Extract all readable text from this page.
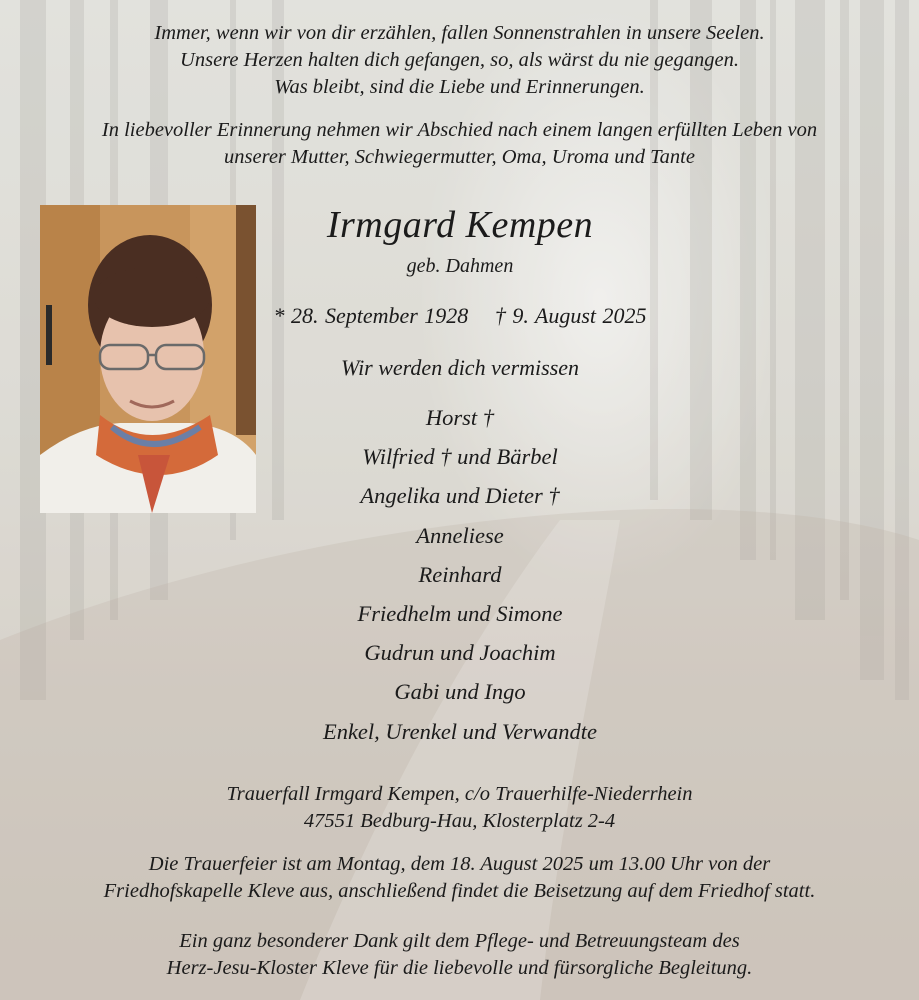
Immer, wenn wir von dir erzählen, fallen Sonnenstrahlen in unsere Seelen.
Unsere Herzen halten dich gefangen, so, als wärst du nie gegangen.
Was bleibt, sind die Liebe und Erinnerungen.
In liebevoller Erinnerung nehmen wir Abschied nach einem langen erfüllten Leben von
unserer Mutter, Schwiegermutter, Oma, Uroma und Tante
Irmgard Kempen
geb. Dahmen
* 28. September 1928 † 9. August 2025
Wir werden dich vermissen
Horst †
Wilfried † und Bärbel
Angelika und Dieter †
Anneliese
Reinhard
Friedhelm und Simone
Gudrun und Joachim
Gabi und Ingo
Enkel, Urenkel und Verwandte
Trauerfall Irmgard Kempen, c/o Trauerhilfe-Niederrhein
47551 Bedburg-Hau, Klosterplatz 2-4
Die Trauerfeier ist am Montag, dem 18. August 2025 um 13.00 Uhr von der
Friedhofskapelle Kleve aus, anschließend findet die Beisetzung auf dem Friedhof statt.
Ein ganz besonderer Dank gilt dem Pflege- und Betreuungsteam des
Herz-Jesu-Kloster Kleve für die liebevolle und fürsorgliche Begleitung.
